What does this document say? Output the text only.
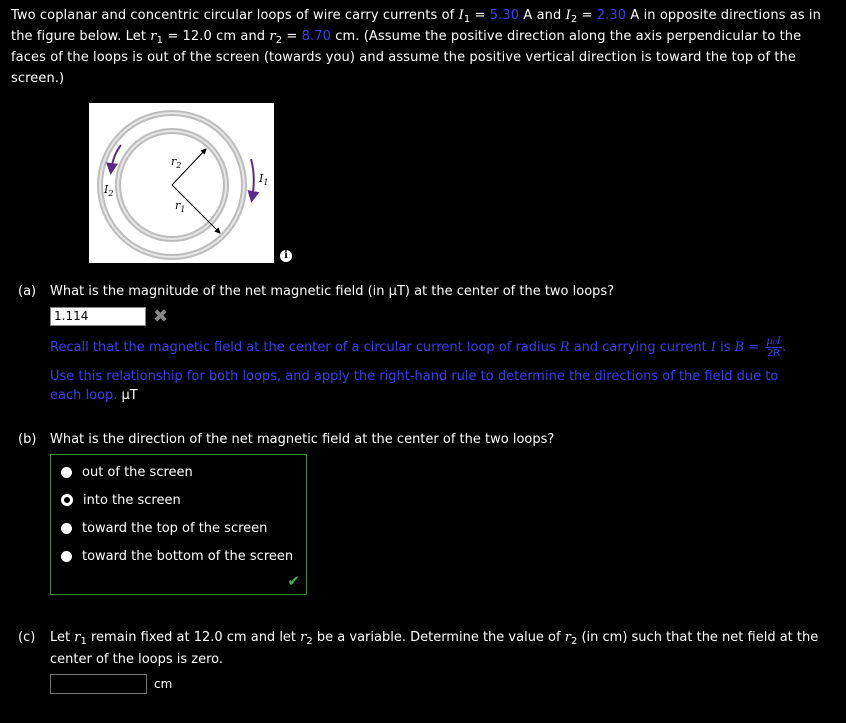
Two coplanar and concentric circular loops of wire carry currents of $I_1 = 5.30$ A and $I_2 = 2.30$ A in opposite directions as in the figure below. Let $r_1 = 12.0$ cm and $r_2 = 8.70$ cm. (Assume the positive direction along the axis perpendicular to the faces of the loops is out of the screen (towards you) and assume the positive vertical direction is toward the top of the screen.)
$r_2$
$r_1$
$I_1$
$I_2$
i
(a) What is the magnitude of the net magnetic field (in µT) at the center of the two loops?
1.114	✖
Recall that the magnetic field at the center of a circular current loop of radius R and carrying current I is $B = \frac{\text{µ₀I}}{2R}$ .
Use this relationship for both loops, and apply the right-hand rule to determine the directions of the field due to each loop. µT
(b) What is the direction of the net magnetic field at the center of the two loops?
out of the screen
into the screen
toward the top of the screen
toward the bottom of the screen
✔
(c) Let $r_1$ remain fixed at 12.0 cm and let $r_2$ be a variable. Determine the value of $r_2$ (in cm) such that the net field at the center of the loops is zero.
cm
